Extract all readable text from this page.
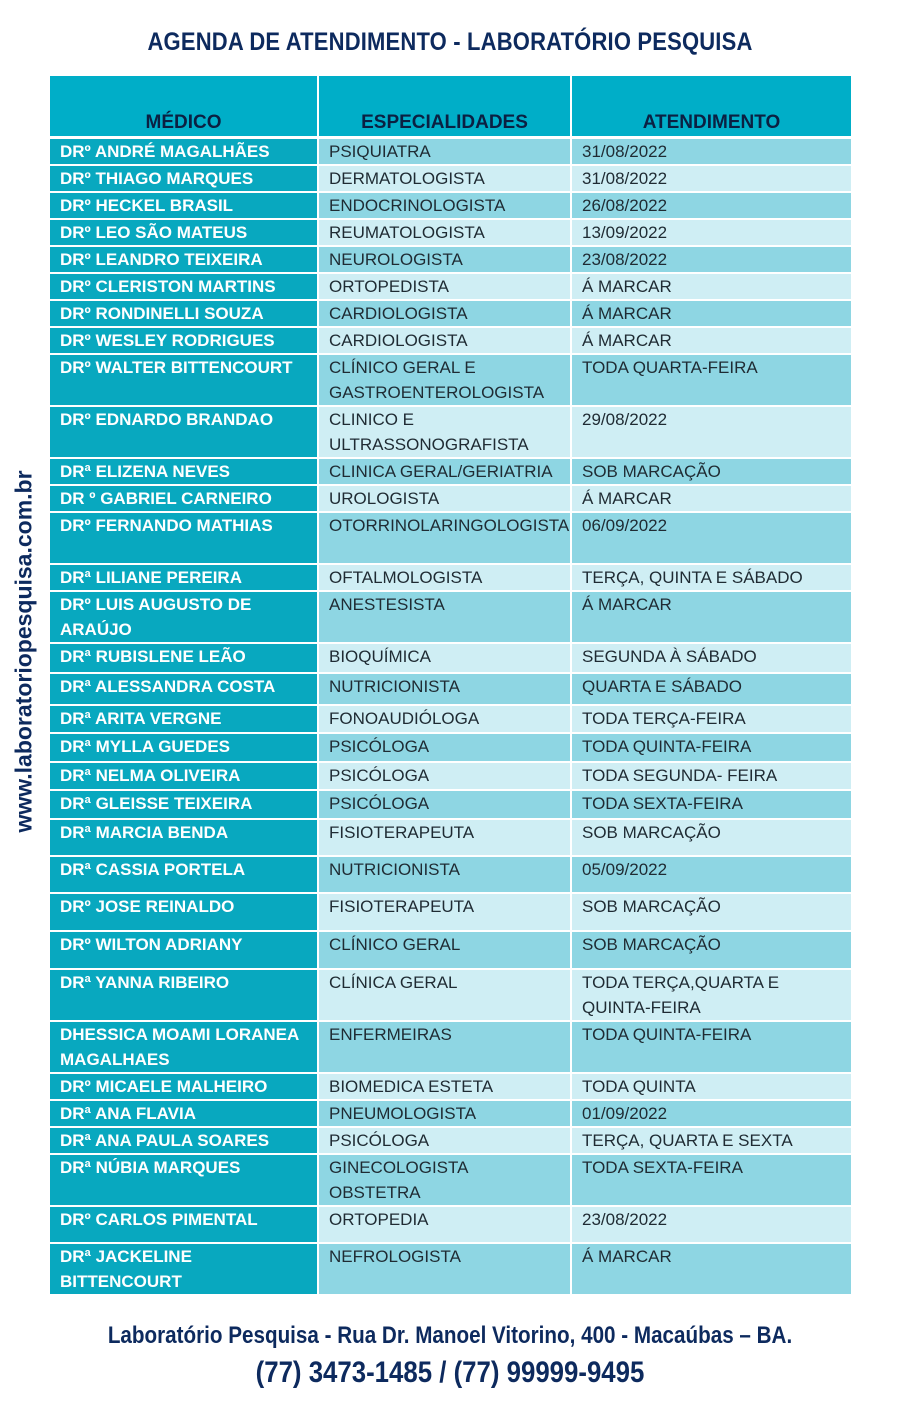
AGENDA DE ATENDIMENTO - LABORATÓRIO PESQUISA
www.laboratoriopesquisa.com.br
MÉDICO	ESPECIALIDADES	ATENDIMENTO
DRº ANDRÉ MAGALHÃES	PSIQUIATRA	31/08/2022
DRº THIAGO MARQUES	DERMATOLOGISTA	31/08/2022
DRº HECKEL BRASIL	ENDOCRINOLOGISTA	26/08/2022
DRº LEO SÃO MATEUS	REUMATOLOGISTA	13/09/2022
DRº LEANDRO TEIXEIRA	NEUROLOGISTA	23/08/2022
DRº CLERISTON MARTINS	ORTOPEDISTA	Á MARCAR
DRº RONDINELLI SOUZA	CARDIOLOGISTA	Á MARCAR
DRº WESLEY RODRIGUES	CARDIOLOGISTA	Á MARCAR
DRº WALTER BITTENCOURT	CLÍNICO GERAL E GASTROENTEROLOGISTA	TODA QUARTA-FEIRA
DRº EDNARDO BRANDAO	CLINICO E ULTRASSONOGRAFISTA	29/08/2022
DRª ELIZENA NEVES	CLINICA GERAL/GERIATRIA	SOB MARCAÇÃO
DR º GABRIEL CARNEIRO	UROLOGISTA	Á MARCAR
DRº FERNANDO MATHIAS	OTORRINOLARINGOLOGISTA	06/09/2022
DRª LILIANE PEREIRA	OFTALMOLOGISTA	TERÇA, QUINTA E SÁBADO
DRº LUIS AUGUSTO DE ARAÚJO	ANESTESISTA	Á MARCAR
DRª RUBISLENE LEÃO	BIOQUÍMICA	SEGUNDA À SÁBADO
DRª ALESSANDRA COSTA	NUTRICIONISTA	QUARTA E SÁBADO
DRª ARITA VERGNE	FONOAUDIÓLOGA	TODA TERÇA-FEIRA
DRª MYLLA GUEDES	PSICÓLOGA	TODA QUINTA-FEIRA
DRª NELMA OLIVEIRA	PSICÓLOGA	TODA SEGUNDA- FEIRA
DRª GLEISSE TEIXEIRA	PSICÓLOGA	TODA SEXTA-FEIRA
DRª MARCIA BENDA	FISIOTERAPEUTA	SOB MARCAÇÃO
DRª CASSIA PORTELA	NUTRICIONISTA	05/09/2022
DRº JOSE REINALDO	FISIOTERAPEUTA	SOB MARCAÇÃO
DRº WILTON ADRIANY	CLÍNICO GERAL	SOB MARCAÇÃO
DRª YANNA RIBEIRO	CLÍNICA GERAL	TODA TERÇA,QUARTA E QUINTA-FEIRA
DHESSICA MOAMI LORANEA MAGALHAES	ENFERMEIRAS	TODA QUINTA-FEIRA
DRº MICAELE MALHEIRO	BIOMEDICA ESTETA	TODA QUINTA
DRª ANA FLAVIA	PNEUMOLOGISTA	01/09/2022
DRª ANA PAULA SOARES	PSICÓLOGA	TERÇA, QUARTA E SEXTA
DRª NÚBIA MARQUES	GINECOLOGISTA OBSTETRA	TODA SEXTA-FEIRA
DRº CARLOS PIMENTAL	ORTOPEDIA	23/08/2022
DRª JACKELINE BITTENCOURT	NEFROLOGISTA	Á MARCAR
Laboratório Pesquisa - Rua Dr. Manoel Vitorino, 400 - Macaúbas – BA.
(77) 3473-1485 / (77) 99999-9495
